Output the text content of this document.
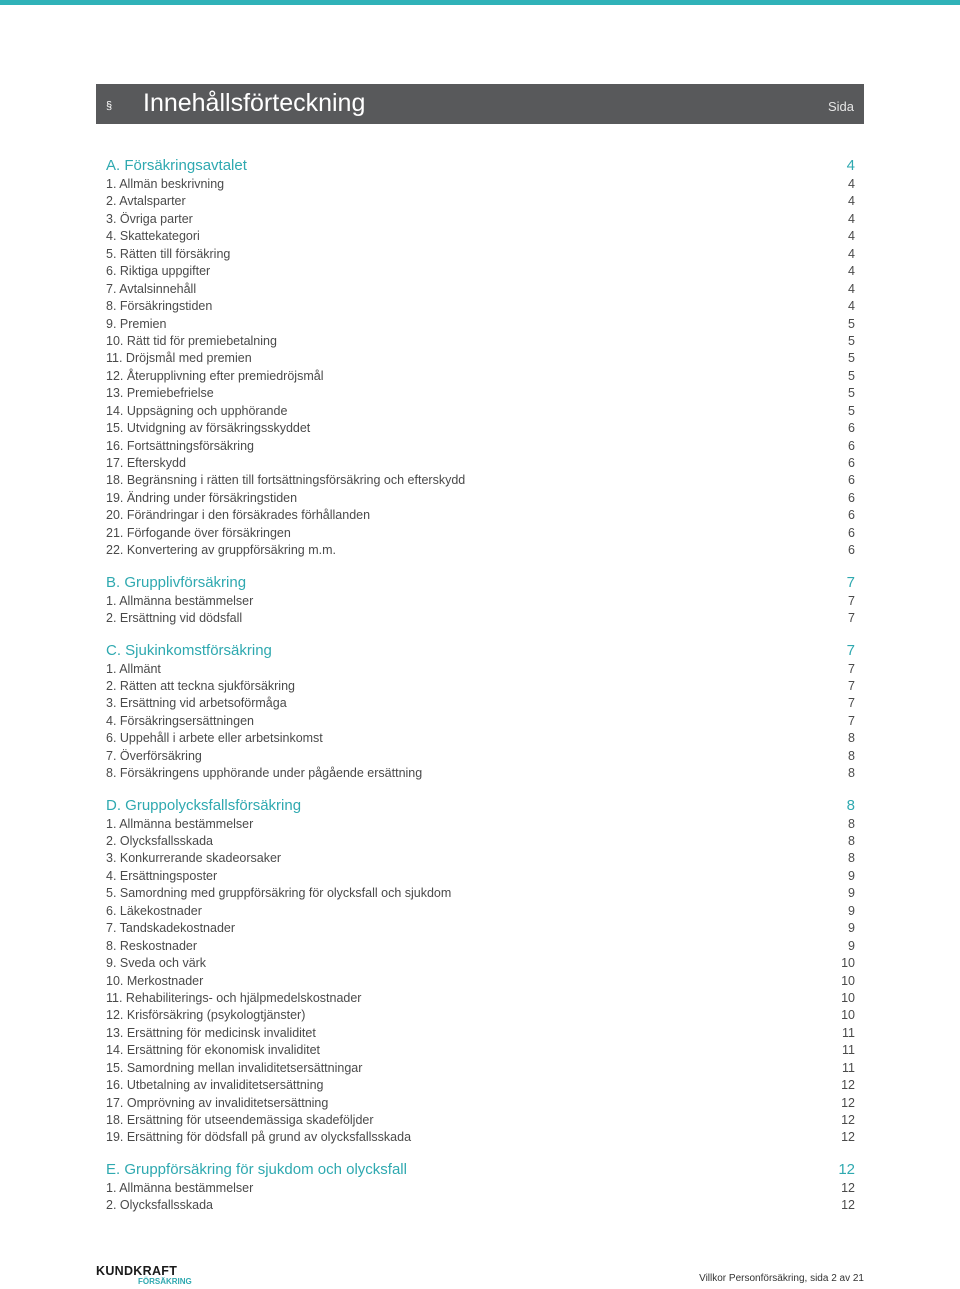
§ Innehållsförteckning	Sida
A. Försäkringsavtalet	4
1. Allmän beskrivning	4
2. Avtalsparter	4
3. Övriga parter	4
4. Skattekategori	4
5. Rätten till försäkring	4
6. Riktiga uppgifter	4
7. Avtalsinnehåll	4
8. Försäkringstiden	4
9. Premien	5
10. Rätt tid för premiebetalning	5
11. Dröjsmål med premien	5
12. Återupplivning efter premiedröjsmål	5
13. Premiebefrielse	5
14. Uppsägning och upphörande	5
15. Utvidgning av försäkringsskyddet	6
16. Fortsättningsförsäkring	6
17. Efterskydd	6
18. Begränsning i rätten till fortsättningsförsäkring och efterskydd	6
19. Ändring under försäkringstiden	6
20. Förändringar i den försäkrades förhållanden	6
21. Förfogande över försäkringen	6
22. Konvertering av gruppförsäkring m.m.	6
B. Grupplivförsäkring	7
1. Allmänna bestämmelser	7
2. Ersättning vid dödsfall	7
C. Sjukinkomstförsäkring	7
1. Allmänt	7
2. Rätten att teckna sjukförsäkring	7
3. Ersättning vid arbetsoförmåga	7
4. Försäkringsersättningen	7
6. Uppehåll i arbete eller arbetsinkomst	8
7. Överförsäkring	8
8. Försäkringens upphörande under pågående ersättning	8
D. Gruppolycksfallsförsäkring	8
1. Allmänna bestämmelser	8
2. Olycksfallsskada	8
3. Konkurrerande skadeorsaker	8
4. Ersättningsposter	9
5. Samordning med gruppförsäkring för olycksfall och sjukdom	9
6. Läkekostnader	9
7. Tandskadekostnader	9
8. Reskostnader	9
9. Sveda och värk	10
10. Merkostnader	10
11. Rehabiliterings- och hjälpmedelskostnader	10
12. Krisförsäkring (psykologtjänster)	10
13. Ersättning för medicinsk invaliditet	11
14. Ersättning för ekonomisk invaliditet	11
15. Samordning mellan invaliditetsersättningar	11
16. Utbetalning av invaliditetsersättning	12
17. Omprövning av invaliditetsersättning	12
18. Ersättning för utseendemässiga skadeföljder	12
19. Ersättning för dödsfall på grund av olycksfallsskada	12
E. Gruppförsäkring för sjukdom och olycksfall	12
1. Allmänna bestämmelser	12
2. Olycksfallsskada	12
KUNDKRAFT
FÖRSÄKRING	Villkor Personförsäkring, sida 2 av 21
